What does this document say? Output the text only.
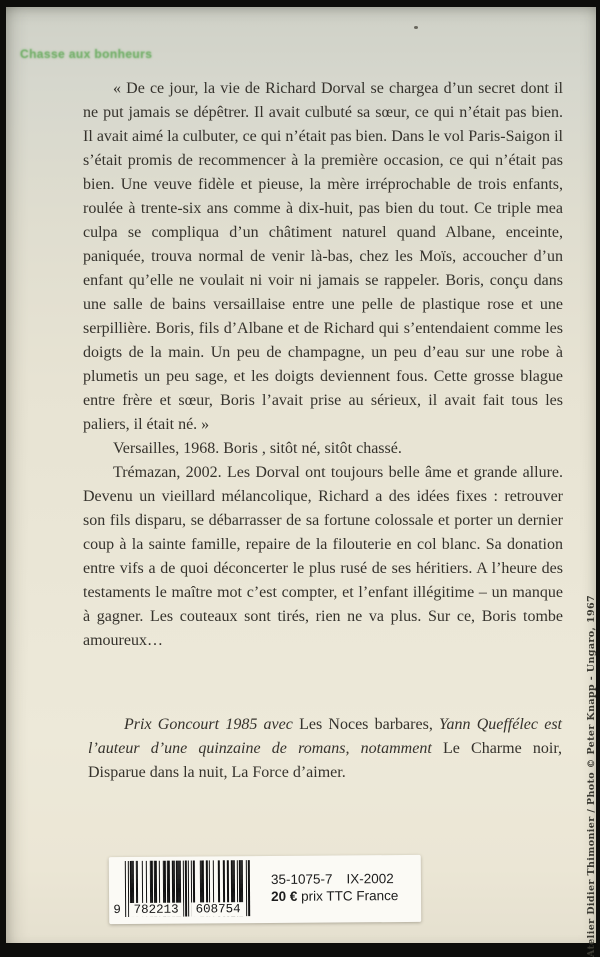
Chasse aux bonheurs

« De ce jour, la vie de Richard Dorval se chargea d’un secret dont il ne put jamais se dépêtrer. Il avait culbuté sa sœur, ce qui n’était pas bien. Il avait aimé la culbuter, ce qui n’était pas bien. Dans le vol Paris-Saigon il s’était promis de recommencer à la première occasion, ce qui n’était pas bien. Une veuve fidèle et pieuse, la mère irréprochable de trois enfants, roulée à trente-six ans comme à dix-huit, pas bien du tout. Ce triple mea culpa se compliqua d’un châtiment naturel quand Albane, enceinte, paniquée, trouva normal de venir là-bas, chez les Moïs, accoucher d’un enfant qu’elle ne voulait ni voir ni jamais se rappeler. Boris, conçu dans une salle de bains versaillaise entre une pelle de plastique rose et une serpillière. Boris, fils d’Albane et de Richard qui s’entendaient comme les doigts de la main. Un peu de champagne, un peu d’eau sur une robe à plumetis un peu sage, et les doigts deviennent fous. Cette grosse blague entre frère et sœur, Boris l’avait prise au sérieux, il avait fait tous les paliers, il était né. »

Versailles, 1968. Boris , sitôt né, sitôt chassé.

Trémazan, 2002. Les Dorval ont toujours belle âme et grande allure. Devenu un vieillard mélancolique, Richard a des idées fixes : retrouver son fils disparu, se débarrasser de sa fortune colossale et porter un dernier coup à la sainte famille, repaire de la filouterie en col blanc. Sa donation entre vifs a de quoi déconcerter le plus rusé de ses héritiers. A l’heure des testaments le maître mot c’est compter, et l’enfant illégitime – un manque à gagner. Les couteaux sont tirés, rien ne va plus. Sur ce, Boris tombe amoureux…

Prix Goncourt 1985 avec Les Noces barbares, Yann Queffélec est l’auteur d’une quinzaine de romans, notamment Le Charme noir, Disparue dans la nuit, La Force d’aimer.
9	782213	608754
35-1075-7 IX-2002
20 € prix TTC France	Atelier Didier Thimonier / Photo © Peter Knapp - Ungaro, 1967
